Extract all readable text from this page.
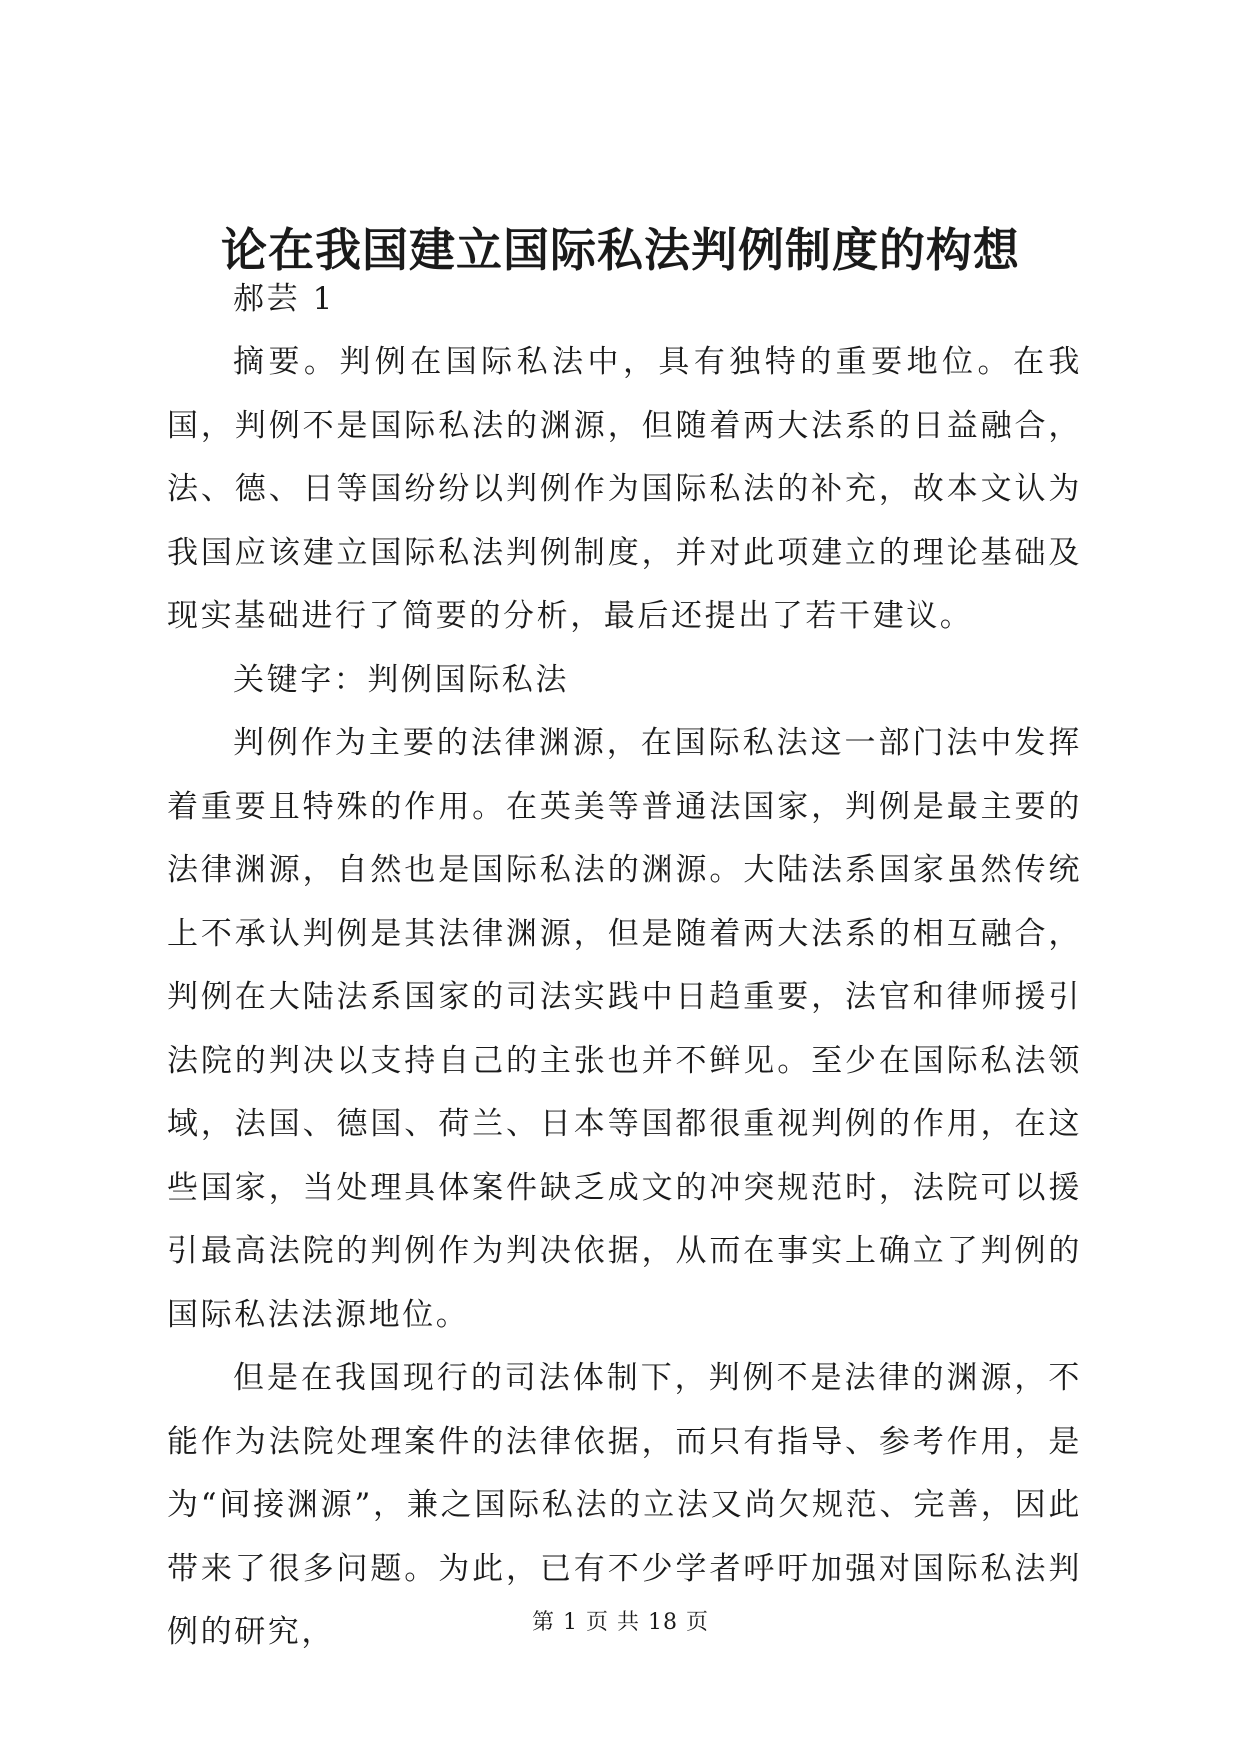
论在我国建立国际私法判例制度的构想
郝芸 1

摘要。判例在国际私法中，具有独特的重要地位。在我国，判例不是国际私法的渊源，但随着两大法系的日益融合，法、德、日等国纷纷以判例作为国际私法的补充，故本文认为我国应该建立国际私法判例制度，并对此项建立的理论基础及现实基础进行了简要的分析，最后还提出了若干建议。

关键字：判例国际私法

判例作为主要的法律渊源，在国际私法这一部门法中发挥着重要且特殊的作用。在英美等普通法国家，判例是最主要的法律渊源，自然也是国际私法的渊源。大陆法系国家虽然传统上不承认判例是其法律渊源，但是随着两大法系的相互融合，判例在大陆法系国家的司法实践中日趋重要，法官和律师援引法院的判决以支持自己的主张也并不鲜见。至少在国际私法领域，法国、德国、荷兰、日本等国都很重视判例的作用，在这些国家，当处理具体案件缺乏成文的冲突规范时，法院可以援引最高法院的判例作为判决依据，从而在事实上确立了判例的国际私法法源地位。

但是在我国现行的司法体制下，判例不是法律的渊源，不能作为法院处理案件的法律依据，而只有指导、参考作用，是为“间接渊源”，兼之国际私法的立法又尚欠规范、完善，因此带来了很多问题。为此，已有不少学者呼吁加强对国际私法判例的研究，	第 1 页 共 18 页
